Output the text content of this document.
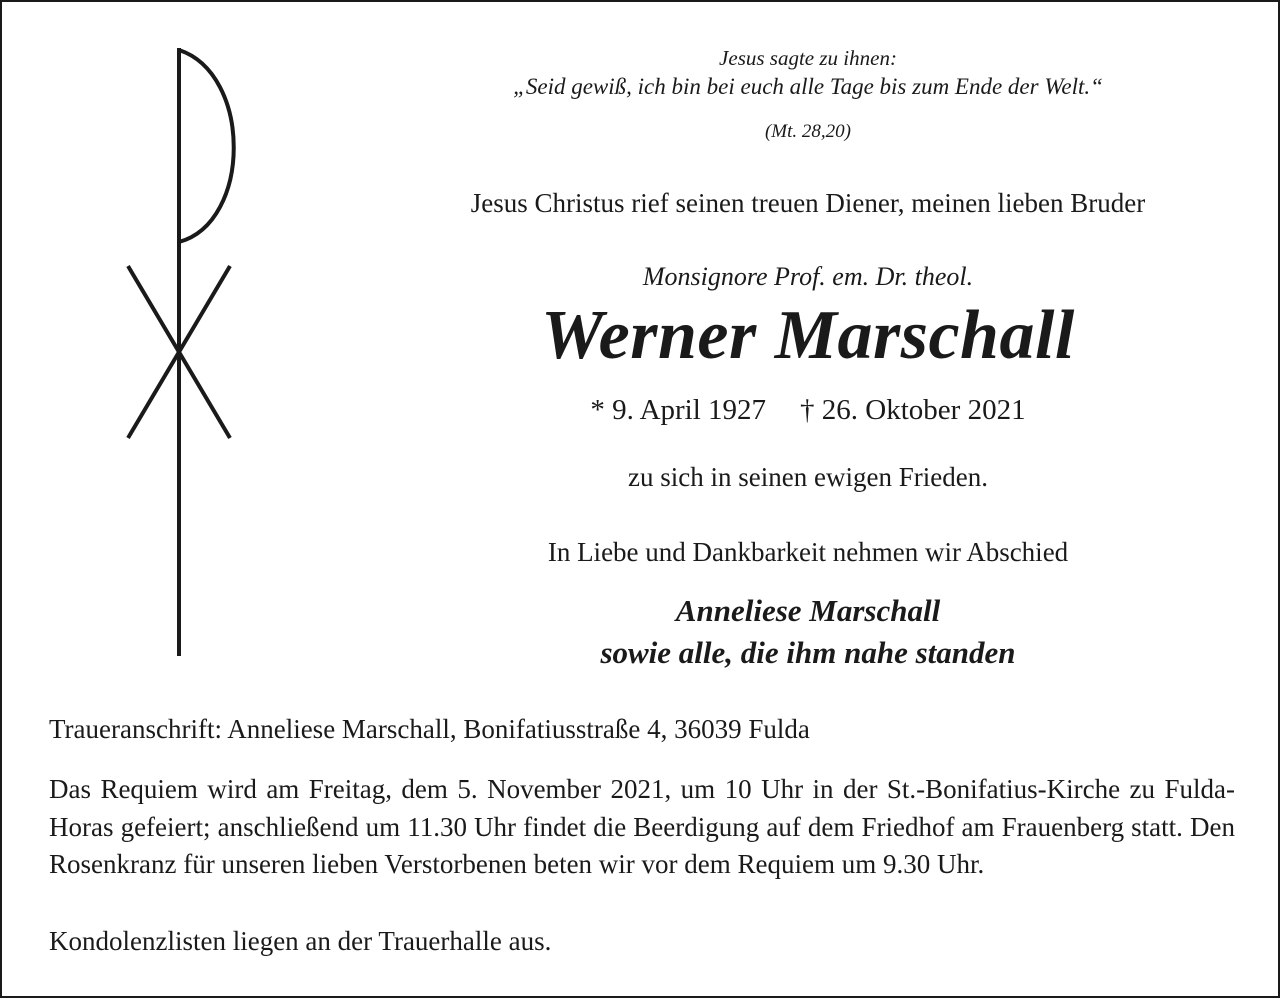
Jesus sagte zu ihnen:
„Seid gewiß, ich bin bei euch alle Tage bis zum Ende der Welt.“
(Mt. 28,20)
Jesus Christus rief seinen treuen Diener, meinen lieben Bruder
Monsignore Prof. em. Dr. theol.
Werner Marschall
* 9. April 1927 † 26. Oktober 2021
zu sich in seinen ewigen Frieden.
In Liebe und Dankbarkeit nehmen wir Abschied
Anneliese Marschall
sowie alle, die ihm nahe standen
Traueranschrift: Anneliese Marschall, Bonifatiusstraße 4, 36039 Fulda
Das Requiem wird am Freitag, dem 5. November 2021, um 10 Uhr in der St.-Bonifatius-Kirche zu Fulda-Horas gefeiert; anschließend um 11.30 Uhr findet die Beerdigung auf dem Friedhof am Frauenberg statt. Den Rosenkranz für unseren lieben Verstorbenen beten wir vor dem Requiem um 9.30 Uhr.
Kondolenzlisten liegen an der Trauerhalle aus.
